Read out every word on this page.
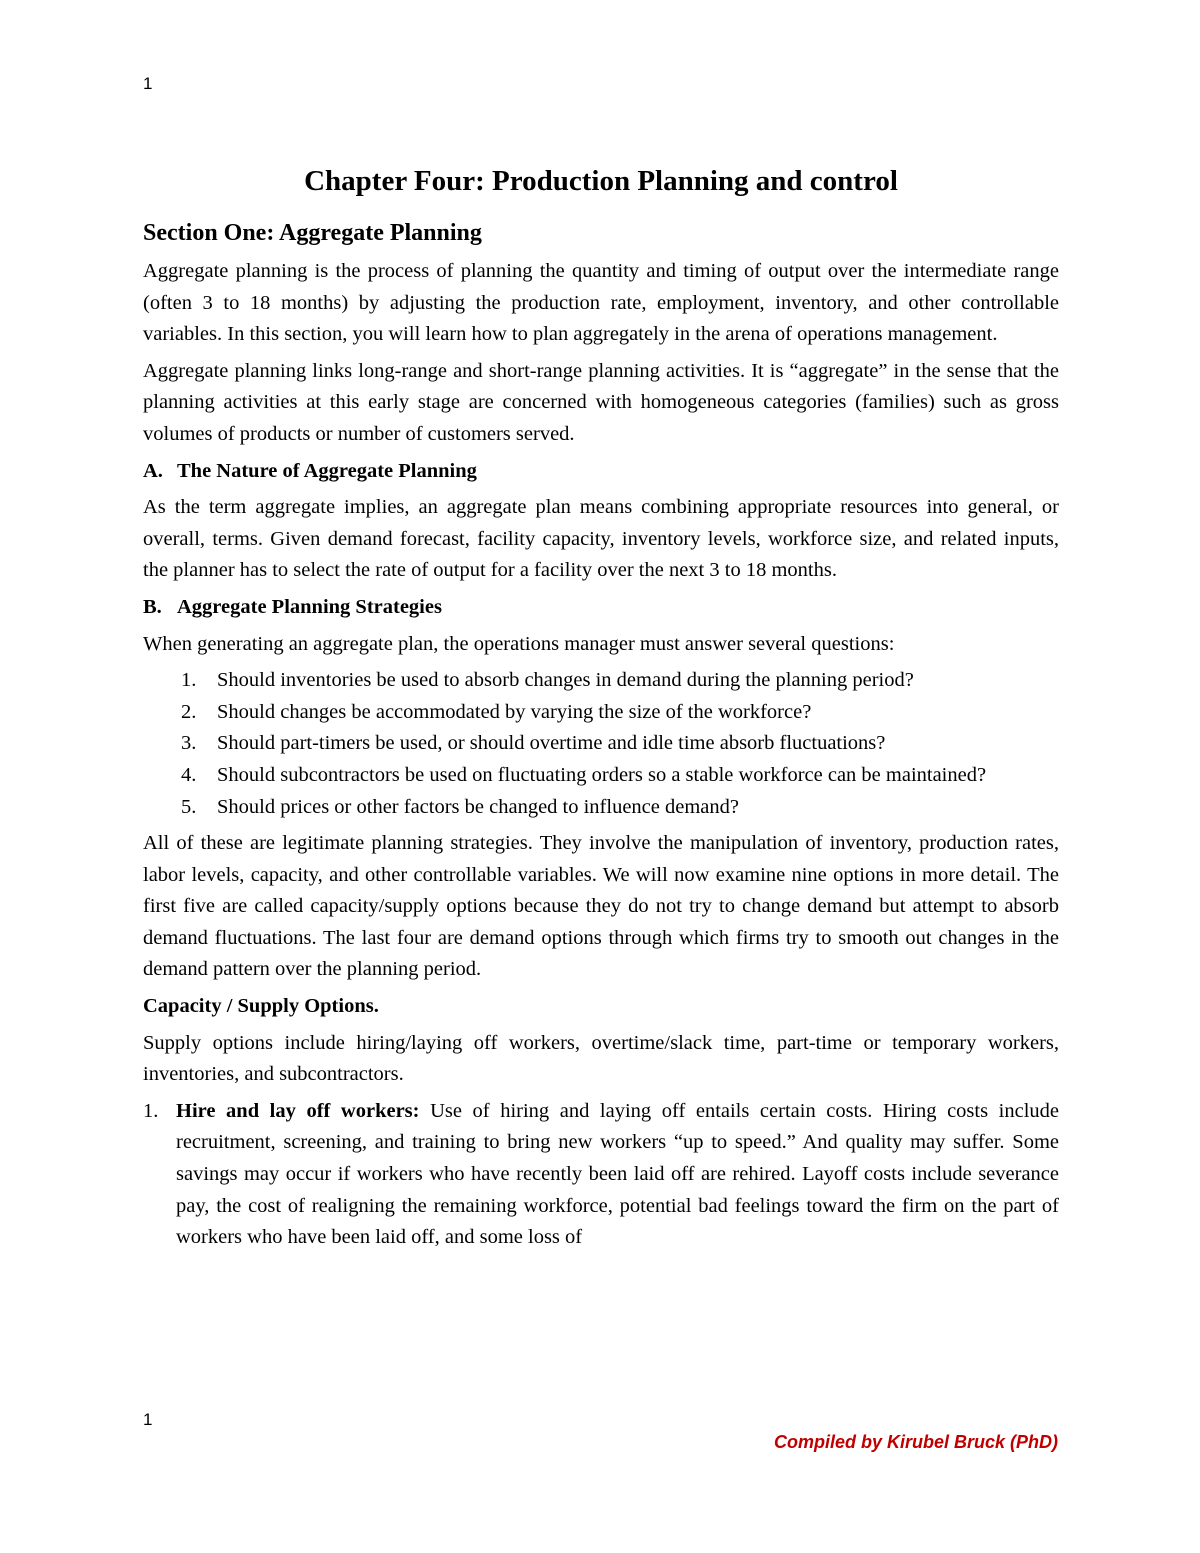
1
Chapter Four: Production Planning and control
Section One: Aggregate Planning

Aggregate planning is the process of planning the quantity and timing of output over the intermediate range (often 3 to 18 months) by adjusting the production rate, employment, inventory, and other controllable variables. In this section, you will learn how to plan aggregately in the arena of operations management.

Aggregate planning links long-range and short-range planning activities. It is “aggregate” in the sense that the planning activities at this early stage are concerned with homogeneous categories (families) such as gross volumes of products or number of customers served.

A. The Nature of Aggregate Planning

As the term aggregate implies, an aggregate plan means combining appropriate resources into general, or overall, terms. Given demand forecast, facility capacity, inventory levels, workforce size, and related inputs, the planner has to select the rate of output for a facility over the next 3 to 18 months.

B. Aggregate Planning Strategies

When generating an aggregate plan, the operations manager must answer several questions:

1. Should inventories be used to absorb changes in demand during the planning period?
2. Should changes be accommodated by varying the size of the workforce?
3. Should part-timers be used, or should overtime and idle time absorb fluctuations?
4. Should subcontractors be used on fluctuating orders so a stable workforce can be maintained?
5. Should prices or other factors be changed to influence demand?

All of these are legitimate planning strategies. They involve the manipulation of inventory, production rates, labor levels, capacity, and other controllable variables. We will now examine nine options in more detail. The first five are called capacity/supply options because they do not try to change demand but attempt to absorb demand fluctuations. The last four are demand options through which firms try to smooth out changes in the demand pattern over the planning period.

Capacity / Supply Options.

Supply options include hiring/laying off workers, overtime/slack time, part-time or temporary workers, inventories, and subcontractors.

1. Hire and lay off workers: Use of hiring and laying off entails certain costs. Hiring costs include recruitment, screening, and training to bring new workers “up to speed.” And quality may suffer. Some savings may occur if workers who have recently been laid off are rehired. Layoff costs include severance pay, the cost of realigning the remaining workforce, potential bad feelings toward the firm on the part of workers who have been laid off, and some loss of
1
Compiled by Kirubel Bruck (PhD)
